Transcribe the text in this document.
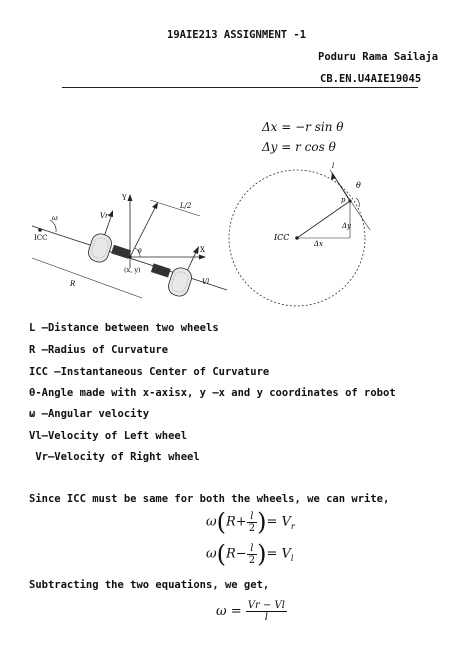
19AIE213 ASSIGNMENT -1
Poduru Rama Sailaja
CB.EN.U4AIE19045
ICC
ω
Y
X
Vr
Vl
L/2
θ
(x, y)
R
Δx = −r sin θ
Δy = r cos θ
ICC
p
l
θ
Δy
Δx
L –Distance between two wheels
R –Radius of Curvature
ICC –Instantaneous Center of Curvature
θ-Angle made with x-axisx, y –x and y coordinates of robot
ω –Angular velocity
Vl–Velocity of Left wheel
Vr–Velocity of Right wheel
Since ICC must be same for both the wheels, we can write,
$\omega(R+ \frac{l}{2}$ )= $V_r$
$\omega(R- \frac{l}{2}$ )= $V_l$
Subtracting the two equations, we get,
$\omega = \frac{Vr - Vl}{l}$
